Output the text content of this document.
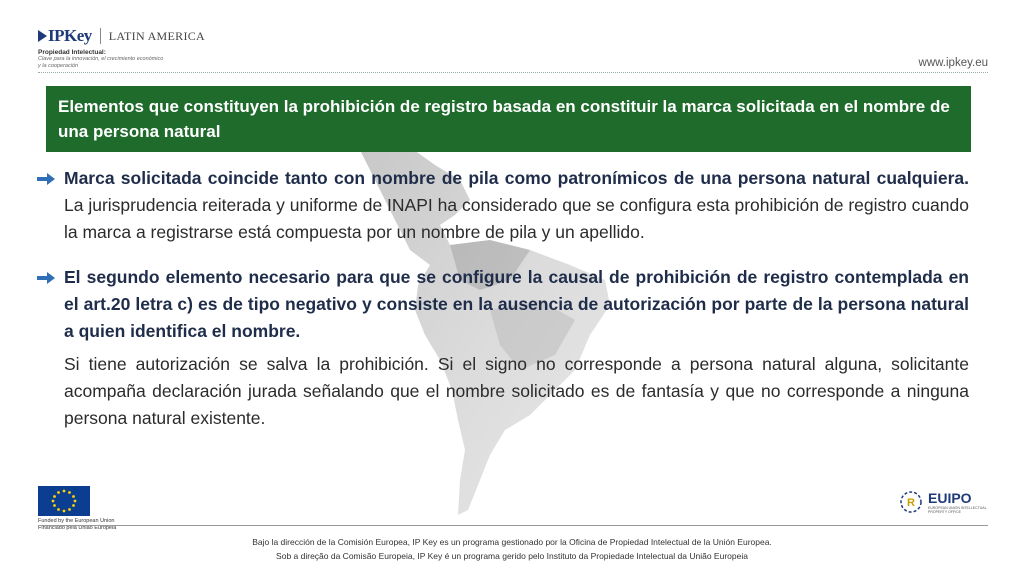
IPKey LATIN AMERICA
Propiedad Intelectual:
Clave para la innovación, el crecimiento económico
y la cooperación	www.ipkey.eu
Elementos que constituyen la prohibición de registro basada en constituir la marca solicitada en el nombre de una persona natural
Marca solicitada coincide tanto con nombre de pila como patronímicos de una persona natural cualquiera. La jurisprudencia reiterada y uniforme de INAPI ha considerado que se configura esta prohibición de registro cuando la marca a registrarse está compuesta por un nombre de pila y un apellido.
El segundo elemento necesario para que se configure la causal de prohibición de registro contemplada en el art.20 letra c) es de tipo negativo y consiste en la ausencia de autorización por parte de la persona natural a quien identifica el nombre.
Si tiene autorización se salva la prohibición. Si el signo no corresponde a persona natural alguna, solicitante acompaña declaración jurada señalando que el nombre solicitado es de fantasía y que no corresponde a ninguna persona natural existente.
Funded by the European Union
Financiado pela União Europeia
R EUIPO
EUROPEAN UNION INTELLECTUAL PROPERTY OFFICE
Bajo la dirección de la Comisión Europea, IP Key es un programa gestionado por la Oficina de Propiedad Intelectual de la Unión Europea.
Sob a direção da Comisão Europeia, IP Key é un programa gerido pelo Instituto da Propiedade Intelectual da União Europeia
